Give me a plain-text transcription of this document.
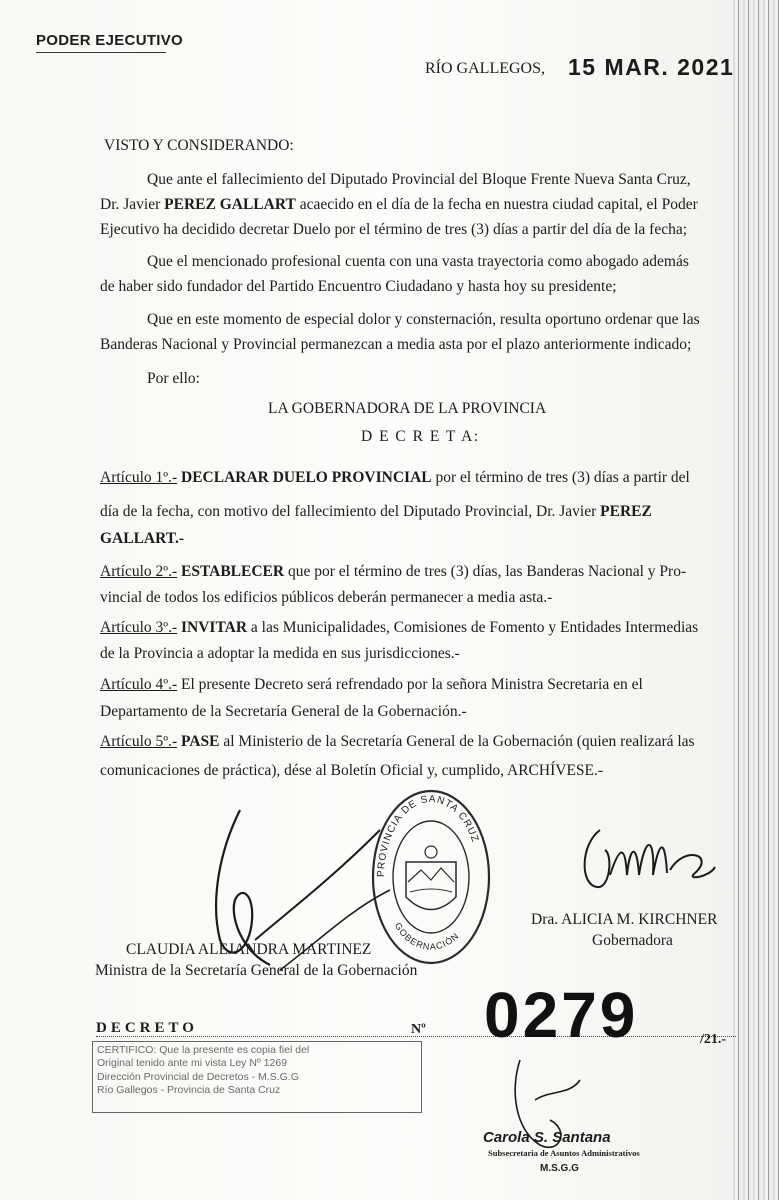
PODER EJECUTIVO
RÍO GALLEGOS, 15 MAR. 2021
VISTO Y CONSIDERANDO:
Que ante el fallecimiento del Diputado Provincial del Bloque Frente Nueva Santa Cruz,
Dr. Javier PEREZ GALLART acaecido en el día de la fecha en nuestra ciudad capital, el Poder
Ejecutivo ha decidido decretar Duelo por el término de tres (3) días a partir del día de la fecha;
Que el mencionado profesional cuenta con una vasta trayectoria como abogado además
de haber sido fundador del Partido Encuentro Ciudadano y hasta hoy su presidente;
Que en este momento de especial dolor y consternación, resulta oportuno ordenar que las
Banderas Nacional y Provincial permanezcan a media asta por el plazo anteriormente indicado;
Por ello:
LA GOBERNADORA DE LA PROVINCIA
D E C R E T A:
Artículo 1º.- DECLARAR DUELO PROVINCIAL por el término de tres (3) días a partir del
día de la fecha, con motivo del fallecimiento del Diputado Provincial, Dr. Javier PEREZ
GALLART.-
Artículo 2º.- ESTABLECER que por el término de tres (3) días, las Banderas Nacional y Pro-
vincial de todos los edificios públicos deberán permanecer a media asta.-
Artículo 3º.- INVITAR a las Municipalidades, Comisiones de Fomento y Entidades Intermedias
de la Provincia a adoptar la medida en sus jurisdicciones.-
Artículo 4º.- El presente Decreto será refrendado por la señora Ministra Secretaria en el
Departamento de la Secretaría General de la Gobernación.-
Artículo 5º.- PASE al Ministerio de la Secretaría General de la Gobernación (quien realizará las
comunicaciones de práctica), dése al Boletín Oficial y, cumplido, ARCHÍVESE.-
PROVINCIA DE SANTA CRUZ
GOBERNACIÓN
Dra. ALICIA M. KIRCHNER
Gobernadora
CLAUDIA ALEJANDRA MARTINEZ
Ministra de la Secretaría General de la Gobernación
DECRETO	Nº 0279	/21.-
CERTIFICO: Que la presente es copia fiel del
Original tenido ante mi vista Ley Nº 1269
Dirección Provincial de Decretos - M.S.G.G
Río Gallegos - Provincia de Santa Cruz
Carola S. Santana
Subsecretaria de Asuntos Administrativos
M.S.G.G
